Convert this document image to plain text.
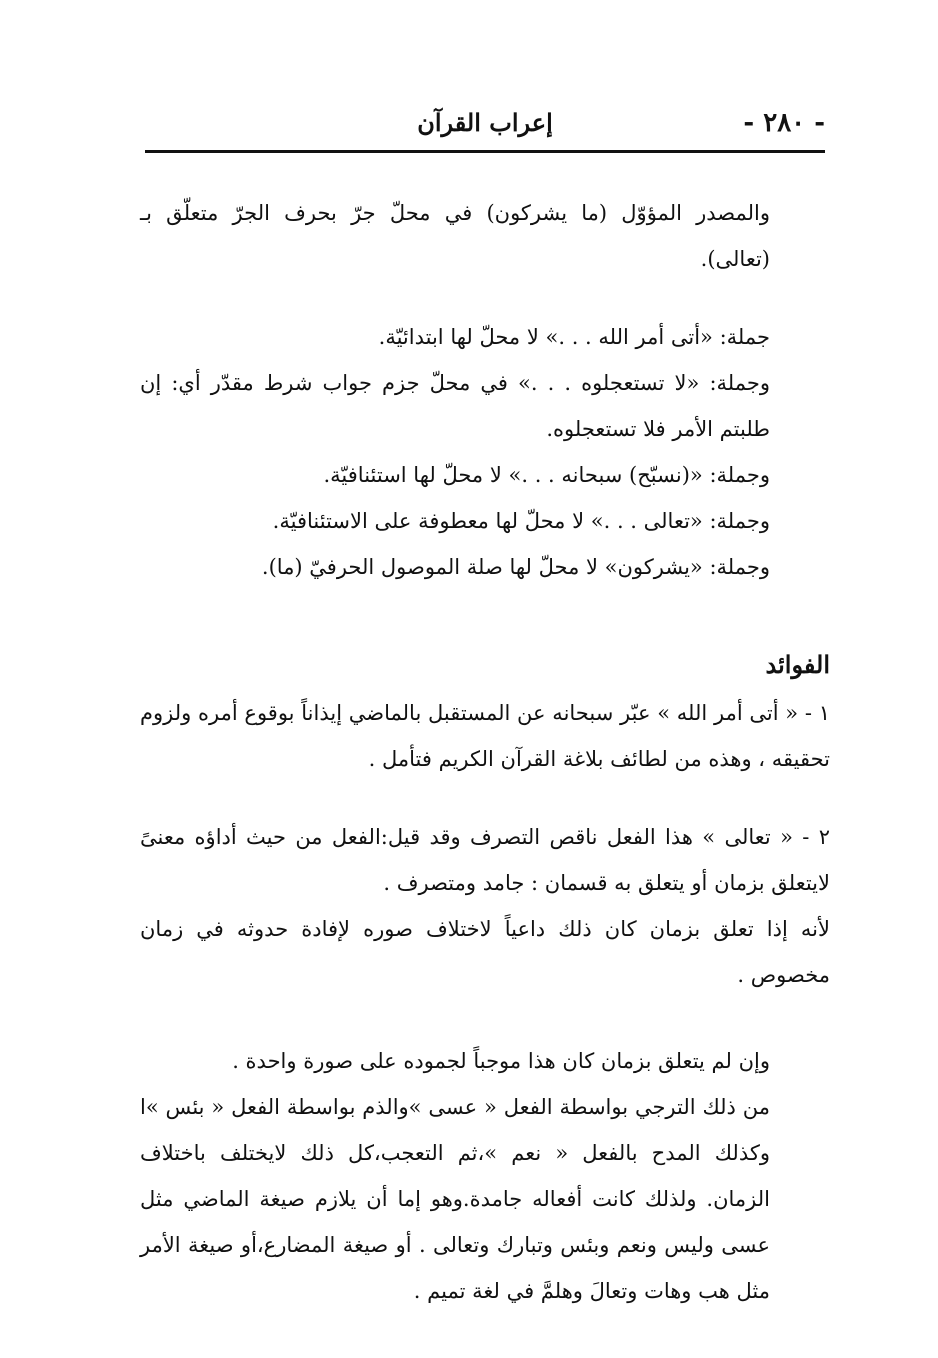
- ٢٨٠ -
إعراب القرآن

والمصدر المؤوّل (ما يشركون) في محلّ جرّ بحرف الجرّ متعلّق بـ (تعالى).

جملة: «أتى أمر الله . . .» لا محلّ لها ابتدائيّة.

وجملة: «لا تستعجلوه . . .» في محلّ جزم جواب شرط مقدّر أي: إن طلبتم الأمر فلا تستعجلوه.

وجملة: «(نسبّح) سبحانه . . .» لا محلّ لها استئنافيّة.

وجملة: «تعالى . . .» لا محلّ لها معطوفة على الاستئنافيّة.

وجملة: «يشركون» لا محلّ لها صلة الموصول الحرفيّ (ما).

الفوائد

١ - « أتى أمر الله » عبّر سبحانه عن المستقبل بالماضي إيذاناً بوقوع أمره ولزوم تحقيقه ، وهذه من لطائف بلاغة القرآن الكريم فتأمل .

٢ - « تعالى » هذا الفعل ناقص التصرف وقد قيل:الفعل من حيث أداؤه معنىً لايتعلق بزمان أو يتعلق به قسمان : جامد ومتصرف .

لأنه إذا تعلق بزمان كان ذلك داعياً لاختلاف صوره لإفادة حدوثه في زمان مخصوص .

وإن لم يتعلق بزمان كان هذا موجباً لجموده على صورة واحدة .

من ذلك الترجي بواسطة الفعل « عسى »والذم بواسطة الفعل « بئس »ا وكذلك المدح بالفعل « نعم »،ثم التعجب،كل ذلك لايختلف باختلاف الزمان. ولذلك كانت أفعاله جامدة.وهو إما أن يلازم صيغة الماضي مثل عسى وليس ونعم وبئس وتبارك وتعالى . أو صيغة المضارع،أو صيغة الأمر مثل هب وهات وتعالَ وهلمَّ في لغة تميم .
